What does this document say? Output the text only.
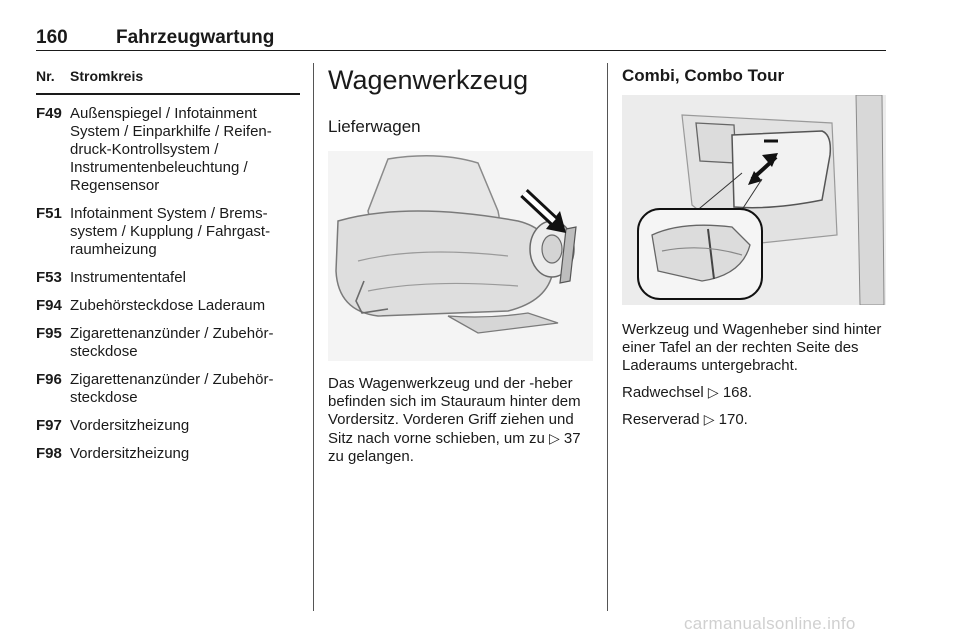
160	Fahrzeugwartung
Nr. Stromkreis
F49 Außenspiegel / Infotainment System / Einparkhilfe / Reifen-druck-Kontrollsystem / Instrumentenbeleuchtung / Regensensor
F51 Infotainment System / Brems-system / Kupplung / Fahrgast-raumheizung
F53 Instrumententafel
F94 Zubehörsteckdose Laderaum
F95 Zigarettenanzünder / Zubehör-steckdose
F96 Zigarettenanzünder / Zubehör-steckdose
F97 Vordersitzheizung
F98 Vordersitzheizung
Wagenwerkzeug
Lieferwagen
Das Wagenwerkzeug und der -heber befinden sich im Stauraum hinter dem Vordersitz. Vorderen Griff ziehen und Sitz nach vorne schieben, um zu ▷ 37 zu gelangen.
Combi, Combo Tour
Werkzeug und Wagenheber sind hinter einer Tafel an der rechten Seite des Laderaums untergebracht.
Radwechsel ▷ 168.
Reserverad ▷ 170.
carmanualsonline.info
